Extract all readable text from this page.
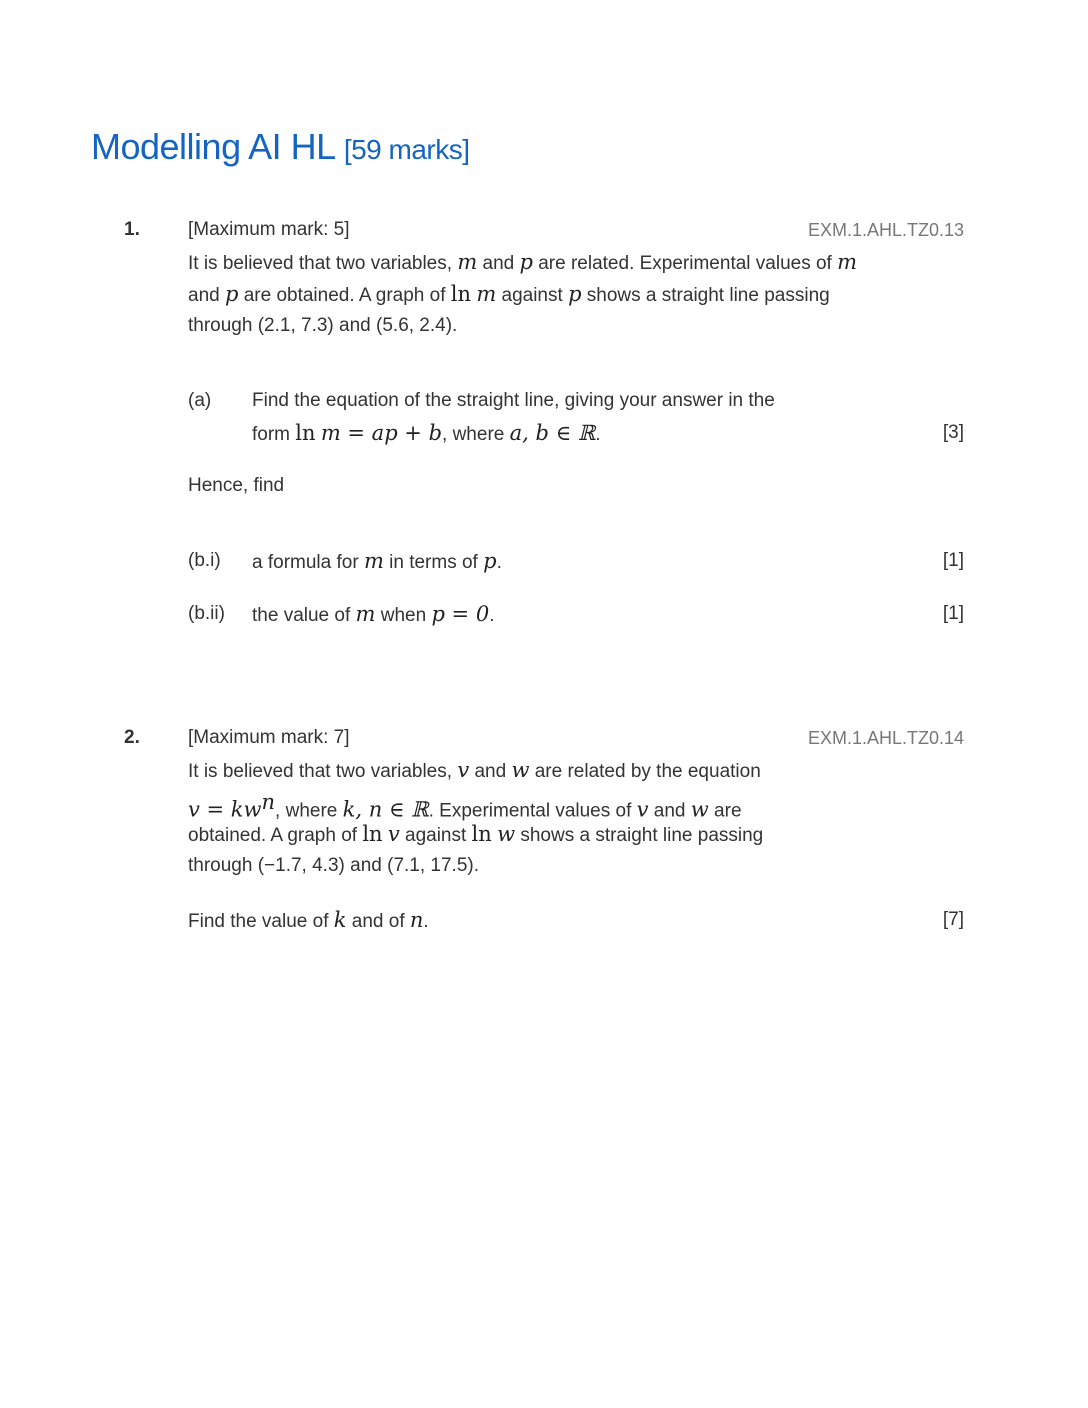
Modelling AI HL [59 marks]
1.	[Maximum mark: 5]	EXM.1.AHL.TZ0.13
It is believed that two variables, m and p are related. Experimental values of m
and p are obtained. A graph of ln m against p shows a straight line passing
through (2.1, 7.3) and (5.6, 2.4).
(a) Find the equation of the straight line, giving your answer in the
form ln m = ap + b, where a, b ∈ ℝ.	[3]
Hence, find
(b.i) a formula for m in terms of p.	[1]
(b.ii) the value of m when p = 0.	[1]
2.	[Maximum mark: 7]	EXM.1.AHL.TZ0.14
It is believed that two variables, v and w are related by the equation
$v = kw^n$, where k, n ∈ ℝ. Experimental values of v and w are
obtained. A graph of ln v against ln w shows a straight line passing
through (−1.7, 4.3) and (7.1, 17.5).
Find the value of k and of n.	[7]
